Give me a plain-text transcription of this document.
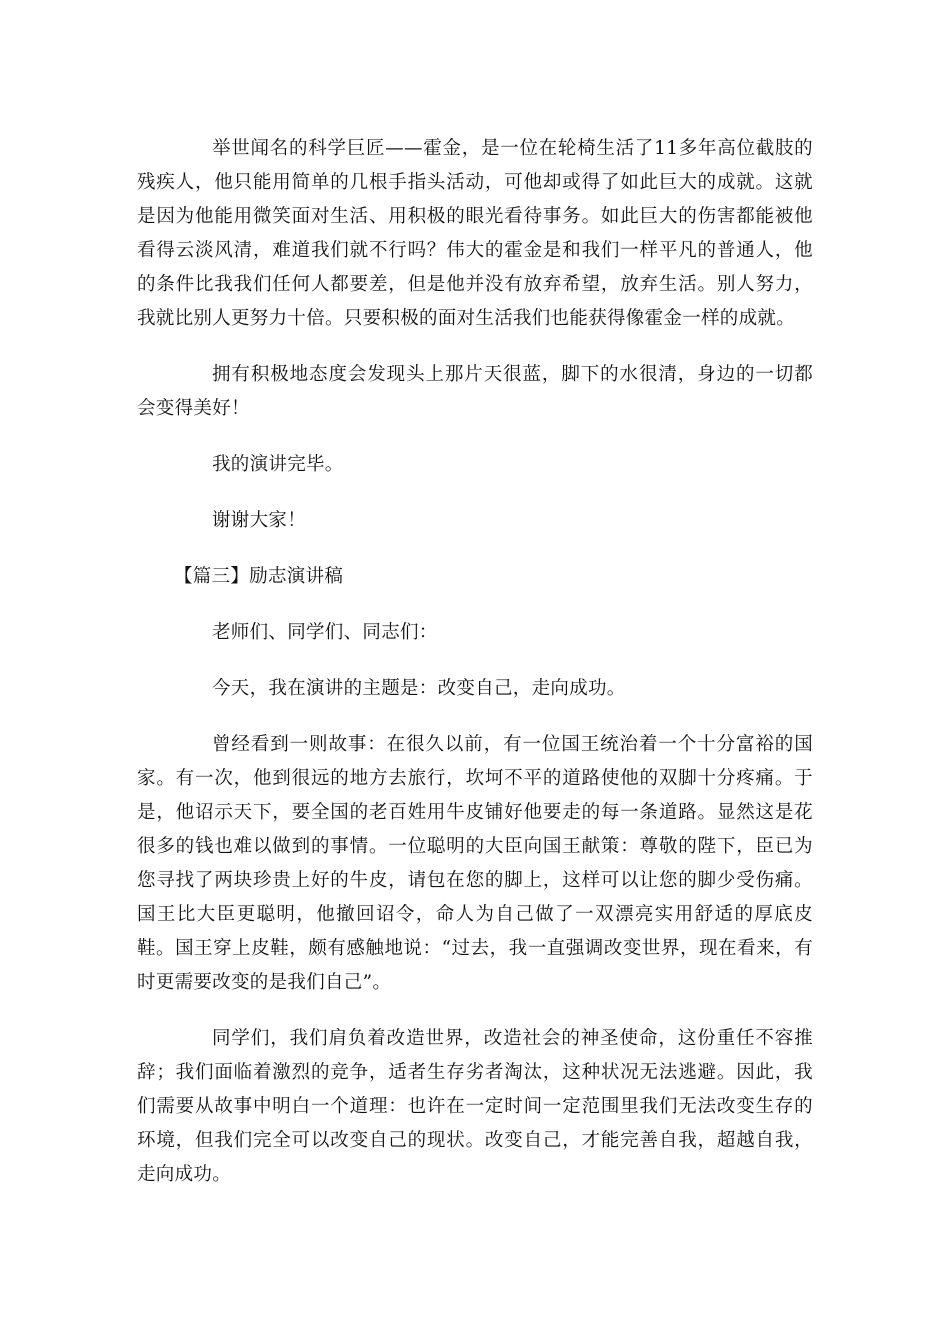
举世闻名的科学巨匠——霍金，是一位在轮椅生活了11多年高位截肢的残疾人，他只能用简单的几根手指头活动，可他却或得了如此巨大的成就。这就是因为他能用微笑面对生活、用积极的眼光看待事务。如此巨大的伤害都能被他看得云淡风清，难道我们就不行吗？伟大的霍金是和我们一样平凡的普通人，他的条件比我我们任何人都要差，但是他并没有放弃希望，放弃生活。别人努力，我就比别人更努力十倍。只要积极的面对生活我们也能获得像霍金一样的成就。

拥有积极地态度会发现头上那片天很蓝，脚下的水很清，身边的一切都会变得美好！

我的演讲完毕。

谢谢大家！

【篇三】励志演讲稿

老师们、同学们、同志们：

今天，我在演讲的主题是：改变自己，走向成功。

曾经看到一则故事：在很久以前，有一位国王统治着一个十分富裕的国家。有一次，他到很远的地方去旅行，坎坷不平的道路使他的双脚十分疼痛。于是，他诏示天下，要全国的老百姓用牛皮铺好他要走的每一条道路。显然这是花很多的钱也难以做到的事情。一位聪明的大臣向国王献策：尊敬的陛下，臣已为您寻找了两块珍贵上好的牛皮，请包在您的脚上，这样可以让您的脚少受伤痛。国王比大臣更聪明，他撤回诏令，命人为自己做了一双漂亮实用舒适的厚底皮鞋。国王穿上皮鞋，颇有感触地说：“过去，我一直强调改变世界，现在看来，有时更需要改变的是我们自己”。

同学们，我们肩负着改造世界，改造社会的神圣使命，这份重任不容推辞；我们面临着激烈的竞争，适者生存劣者淘汰，这种状况无法逃避。因此，我们需要从故事中明白一个道理：也许在一定时间一定范围里我们无法改变生存的环境，但我们完全可以改变自己的现状。改变自己，才能完善自我，超越自我，走向成功。
